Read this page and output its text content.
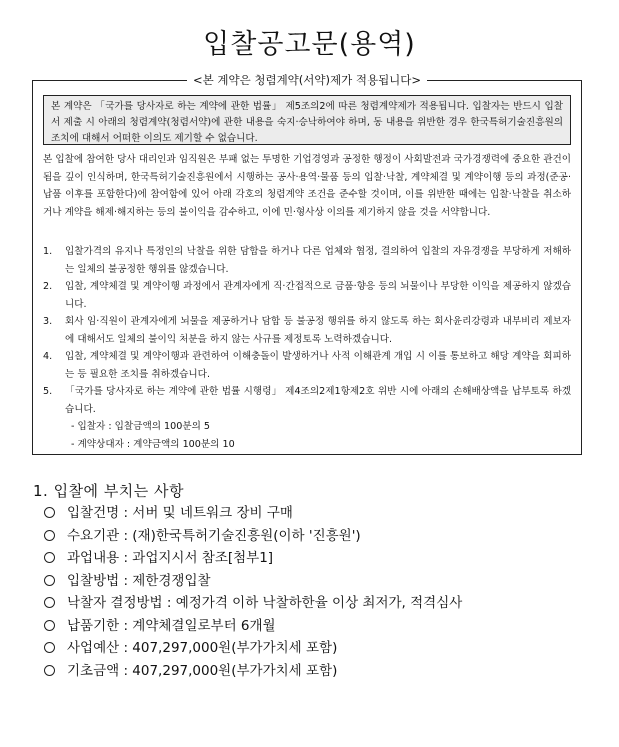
입찰공고문(용역)
<본 계약은 청렴계약(서약)제가 적용됩니다>
본 계약은 「국가를 당사자로 하는 계약에 관한 법률」 제5조의2에 따른 청렴계약제가 적용됩니다. 입찰자는 반드시 입찰서 제출 시 아래의 청렴계약(청렴서약)에 관한 내용을 숙지·승낙하여야 하며, 동 내용을 위반한 경우 한국특허기술진흥원의 조치에 대해서 어떠한 이의도 제기할 수 없습니다.
본 입찰에 참여한 당사 대리인과 임직원은 부패 없는 투명한 기업경영과 공정한 행정이 사회발전과 국가경쟁력에 중요한 관건이 됨을 깊이 인식하며, 한국특허기술진흥원에서 시행하는 공사·용역·물품 등의 입찰·낙찰, 계약체결 및 계약이행 등의 과정(준공·납품 이후를 포함한다)에 참여함에 있어 아래 각호의 청렴계약 조건을 준수할 것이며, 이를 위반한 때에는 입찰·낙찰을 취소하거나 계약을 해제·해지하는 등의 불이익을 감수하고, 이에 민·형사상 이의를 제기하지 않을 것을 서약합니다.
1. 입찰가격의 유지나 특정인의 낙찰을 위한 담합을 하거나 다른 업체와 협정, 결의하여 입찰의 자유경쟁을 부당하게 저해하는 일체의 불공정한 행위를 않겠습니다.
2. 입찰, 계약체결 및 계약이행 과정에서 관계자에게 직·간접적으로 금품·향응 등의 뇌물이나 부당한 이익을 제공하지 않겠습니다.
3. 회사 임·직원이 관계자에게 뇌물을 제공하거나 담합 등 불공정 행위를 하지 않도록 하는 회사윤리강령과 내부비리 제보자에 대해서도 일체의 불이익 처분을 하지 않는 사규를 제정토록 노력하겠습니다.
4. 입찰, 계약체결 및 계약이행과 관련하여 이해충돌이 발생하거나 사적 이해관계 개입 시 이를 통보하고 해당 계약을 회피하는 등 필요한 조치를 취하겠습니다.
5. 「국가를 당사자로 하는 계약에 관한 법률 시행령」 제4조의2제1항제2호 위반 시에 아래의 손해배상액을 납부토록 하겠습니다.
- 입찰자 : 입찰금액의 100분의 5
- 계약상대자 : 계약금액의 100분의 10
1. 입찰에 부치는 사항
입찰건명 : 서버 및 네트워크 장비 구매
수요기관 : (재)한국특허기술진흥원(이하 '진흥원')
과업내용 : 과업지시서 참조[첨부1]
입찰방법 : 제한경쟁입찰
낙찰자 결정방법 : 예정가격 이하 낙찰하한율 이상 최저가, 적격심사
납품기한 : 계약체결일로부터 6개월
사업예산 : 407,297,000원(부가가치세 포함)
기초금액 : 407,297,000원(부가가치세 포함)
